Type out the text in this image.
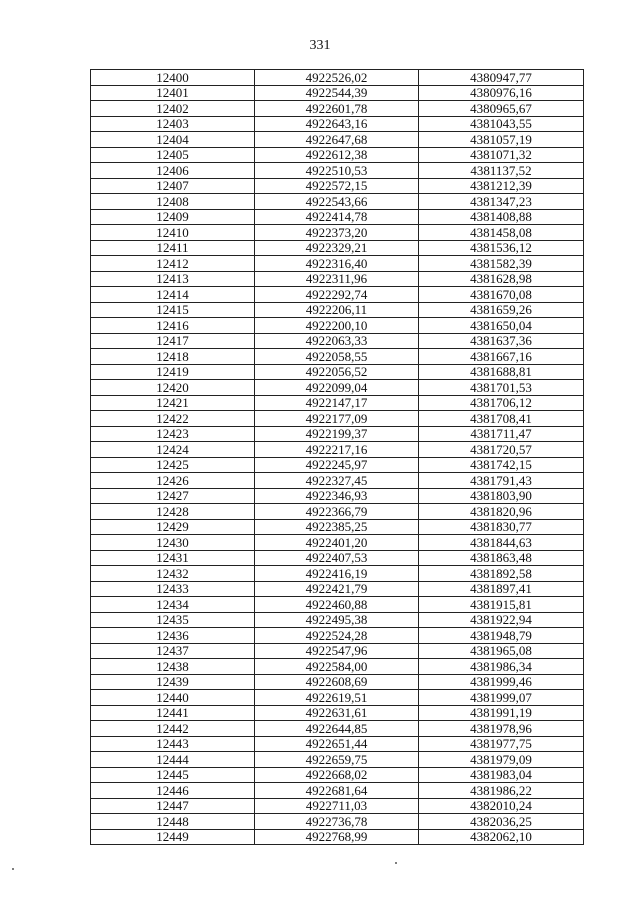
331
12400	4922526,02	4380947,77
12401	4922544,39	4380976,16
12402	4922601,78	4380965,67
12403	4922643,16	4381043,55
12404	4922647,68	4381057,19
12405	4922612,38	4381071,32
12406	4922510,53	4381137,52
12407	4922572,15	4381212,39
12408	4922543,66	4381347,23
12409	4922414,78	4381408,88
12410	4922373,20	4381458,08
12411	4922329,21	4381536,12
12412	4922316,40	4381582,39
12413	4922311,96	4381628,98
12414	4922292,74	4381670,08
12415	4922206,11	4381659,26
12416	4922200,10	4381650,04
12417	4922063,33	4381637,36
12418	4922058,55	4381667,16
12419	4922056,52	4381688,81
12420	4922099,04	4381701,53
12421	4922147,17	4381706,12
12422	4922177,09	4381708,41
12423	4922199,37	4381711,47
12424	4922217,16	4381720,57
12425	4922245,97	4381742,15
12426	4922327,45	4381791,43
12427	4922346,93	4381803,90
12428	4922366,79	4381820,96
12429	4922385,25	4381830,77
12430	4922401,20	4381844,63
12431	4922407,53	4381863,48
12432	4922416,19	4381892,58
12433	4922421,79	4381897,41
12434	4922460,88	4381915,81
12435	4922495,38	4381922,94
12436	4922524,28	4381948,79
12437	4922547,96	4381965,08
12438	4922584,00	4381986,34
12439	4922608,69	4381999,46
12440	4922619,51	4381999,07
12441	4922631,61	4381991,19
12442	4922644,85	4381978,96
12443	4922651,44	4381977,75
12444	4922659,75	4381979,09
12445	4922668,02	4381983,04
12446	4922681,64	4381986,22
12447	4922711,03	4382010,24
12448	4922736,78	4382036,25
12449	4922768,99	4382062,10
